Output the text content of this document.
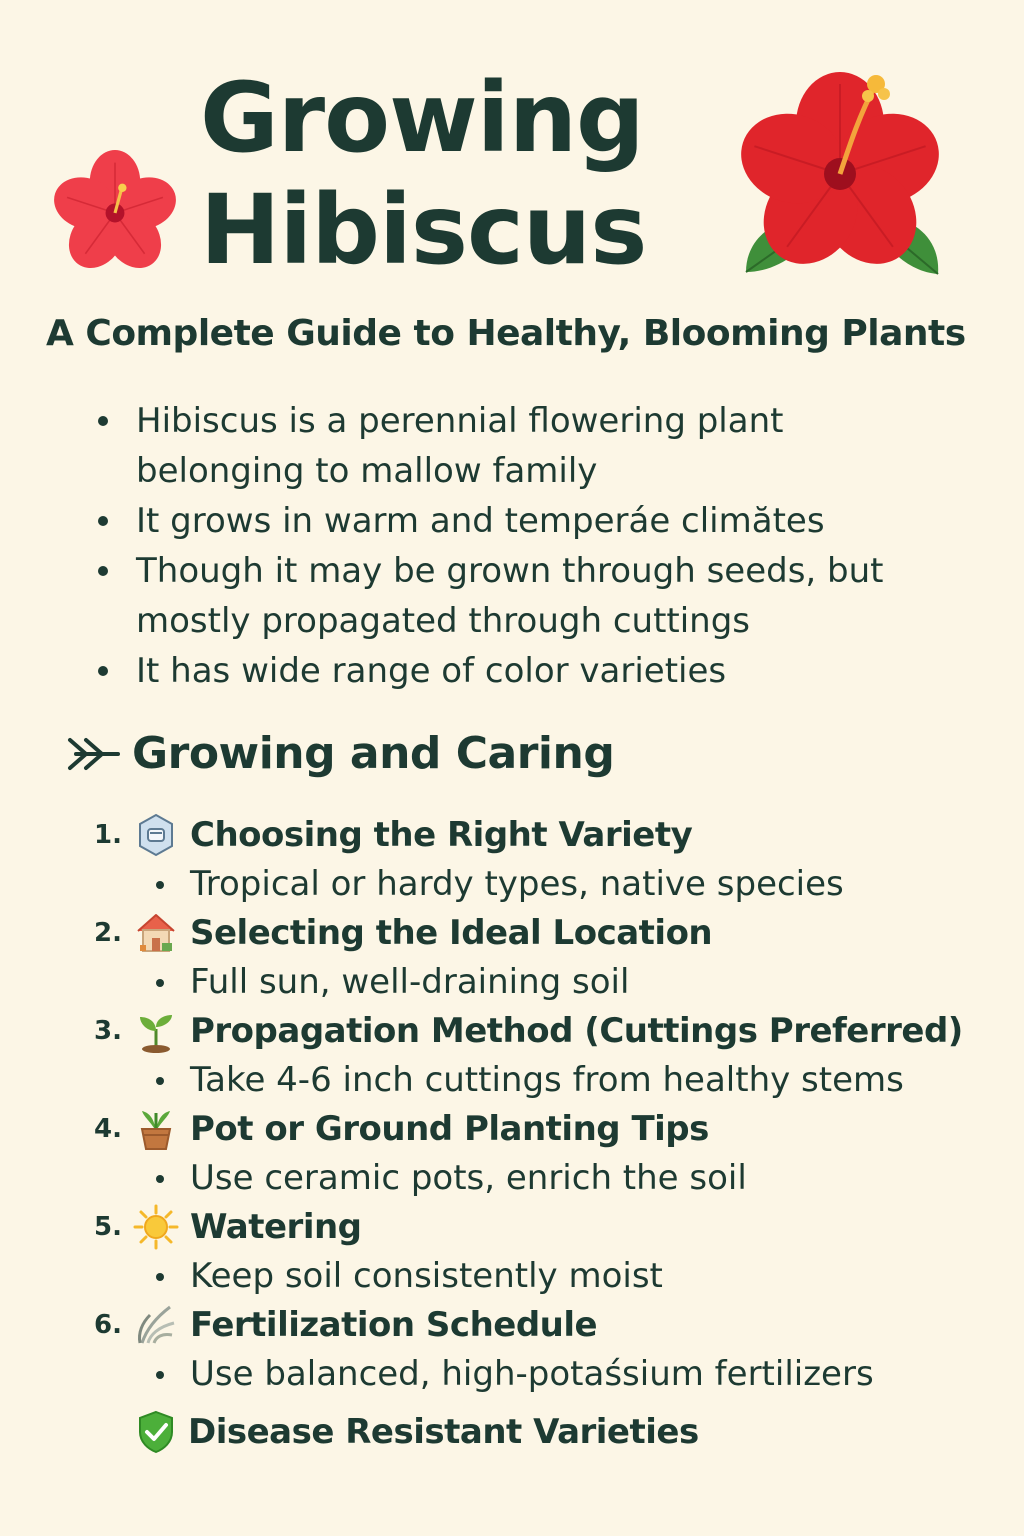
Growing
Hibiscus
A Complete Guide to Healthy, Blooming Plants
Hibiscus is a perennial flowering plant belonging to mallow family
It grows in warm and temperáe climătes
Though it may be grown through seeds, but mostly propagated through cuttings
It has wide range of color varieties
Growing and Caring
1. Choosing the Right Variety
Tropical or hardy types, native species
2. Selecting the Ideal Location
Full sun, well-draining soil
3. Propagation Method (Cuttings Preferred)
Take 4-6 inch cuttings from healthy stems
4. Pot or Ground Planting Tips
Use ceramic pots, enrich the soil
5. Watering
Keep soil consistently moist
6. Fertilization Schedule
Use balanced, high-potaśsium fertilizers
Disease Resistant Varieties
